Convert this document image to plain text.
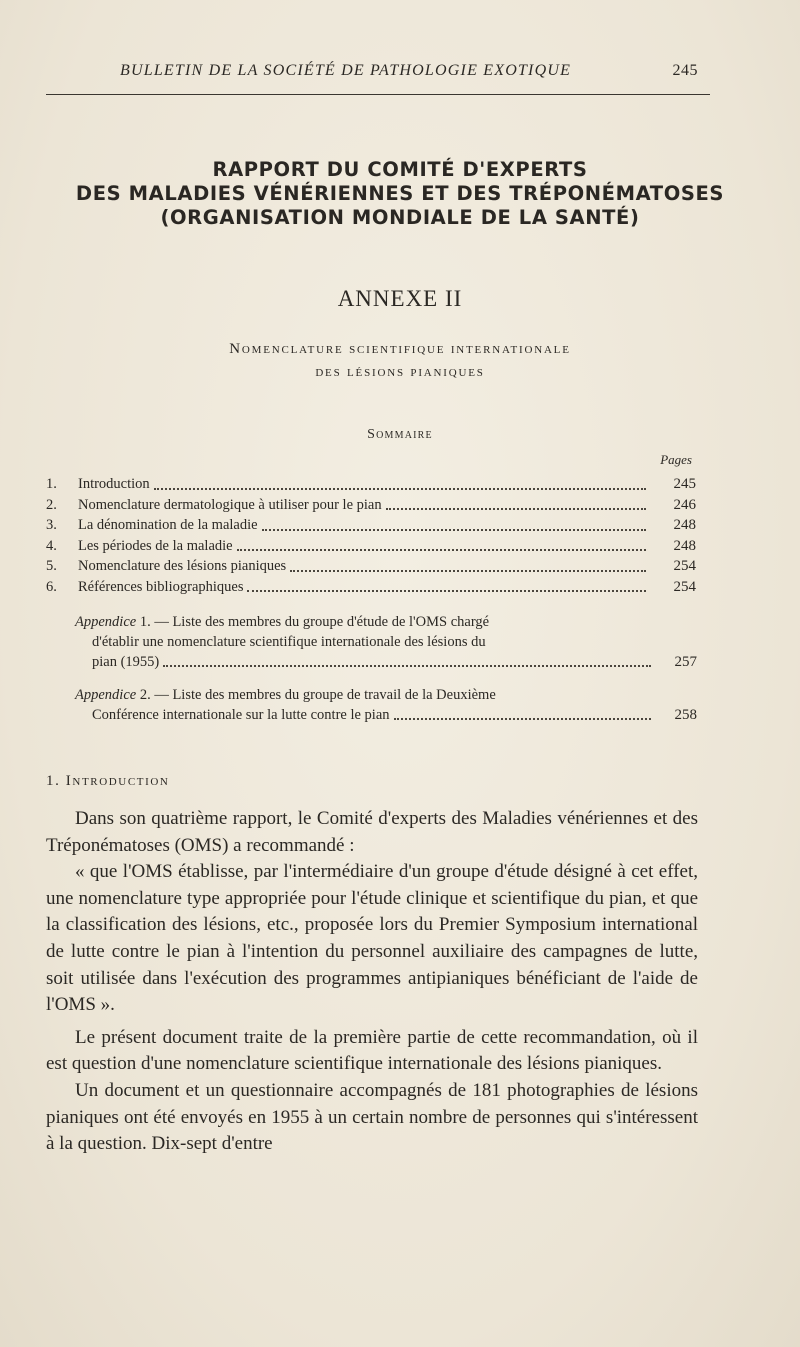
BULLETIN DE LA SOCIÉTÉ DE PATHOLOGIE EXOTIQUE	245
RAPPORT DU COMITÉ D'EXPERTS
DES MALADIES VÉNÉRIENNES ET DES TRÉPONÉMATOSES
(ORGANISATION MONDIALE DE LA SANTÉ)
ANNEXE II
Nomenclature scientifique internationale
des lésions pianiques
Sommaire
Pages
1.	Introduction	245
2.	Nomenclature dermatologique à utiliser pour le pian	246
3.	La dénomination de la maladie	248
4.	Les périodes de la maladie	248
5.	Nomenclature des lésions pianiques	254
6.	Références bibliographiques	254
Appendice 1. — Liste des membres du groupe d'étude de l'OMS chargé
d'établir une nomenclature scientifique internationale des lésions du
pian (1955)	257
Appendice 2. — Liste des membres du groupe de travail de la Deuxième
Conférence internationale sur la lutte contre le pian	258
1. Introduction

Dans son quatrième rapport, le Comité d'experts des Maladies vénériennes et des Tréponématoses (OMS) a recommandé :

« que l'OMS établisse, par l'intermédiaire d'un groupe d'étude désigné à cet effet, une nomenclature type appropriée pour l'étude clinique et scientifique du pian, et que la classification des lésions, etc., proposée lors du Premier Symposium international de lutte contre le pian à l'intention du personnel auxiliaire des campagnes de lutte, soit utilisée dans l'exécution des programmes antipianiques bénéficiant de l'aide de l'OMS ».

Le présent document traite de la première partie de cette recommandation, où il est question d'une nomenclature scientifique internationale des lésions pianiques.

Un document et un questionnaire accompagnés de 181 photographies de lésions pianiques ont été envoyés en 1955 à un certain nombre de personnes qui s'intéressent à la question. Dix-sept d'entre
